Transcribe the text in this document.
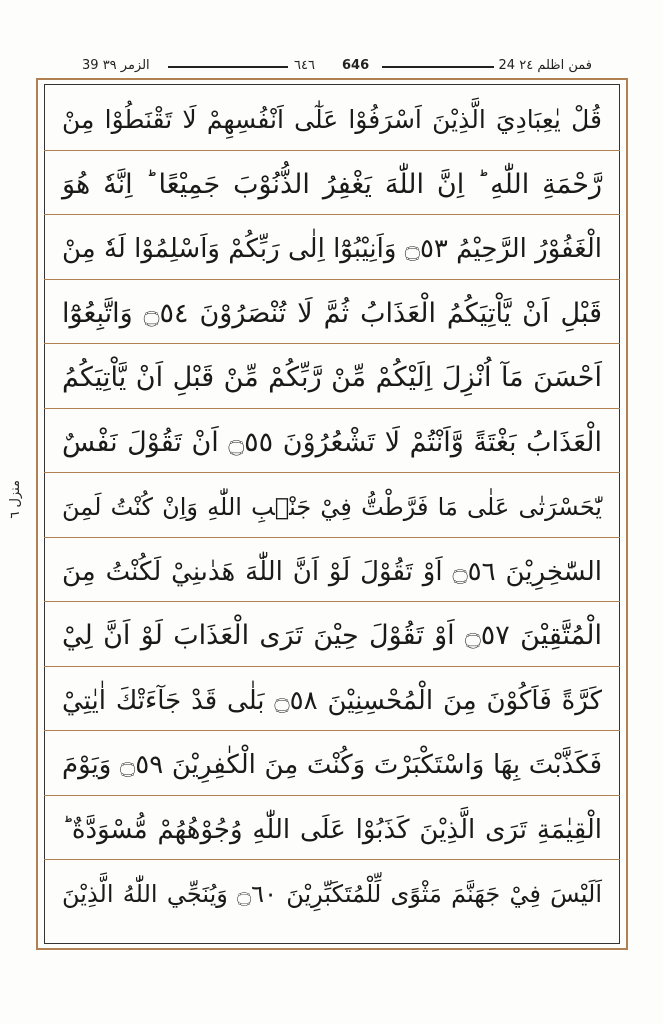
39 الزمر ٣٩	٦٤٦ 646	24 فمن اظلم ٢٤
منزل ٦
قُلْ يٰعِبَادِيَ الَّذِيْنَ اَسْرَفُوْا عَلٰٓى اَنْفُسِهِمْ لَا تَقْنَطُوْا مِنْ
رَّحْمَةِ اللّٰهِ ؕ اِنَّ اللّٰهَ يَغْفِرُ الذُّنُوْبَ جَمِيْعًا ؕ اِنَّهٗ هُوَ
الْغَفُوْرُ الرَّحِيْمُ ۝٥٣ وَاَنِيْبُوْٓا اِلٰى رَبِّكُمْ وَاَسْلِمُوْا لَهٗ مِنْ
قَبْلِ اَنْ يَّاْتِيَكُمُ الْعَذَابُ ثُمَّ لَا تُنْصَرُوْنَ ۝٥٤ وَاتَّبِعُوْٓا
اَحْسَنَ مَآ اُنْزِلَ اِلَيْكُمْ مِّنْ رَّبِّكُمْ مِّنْ قَبْلِ اَنْ يَّاْتِيَكُمُ
الْعَذَابُ بَغْتَةً وَّاَنْتُمْ لَا تَشْعُرُوْنَ ۝٥٥ اَنْ تَقُوْلَ نَفْسٌ
يّٰحَسْرَتٰى عَلٰى مَا فَرَّطْتُّ فِيْ جَنْۢبِ اللّٰهِ وَاِنْ كُنْتُ لَمِنَ
السّٰخِرِيْنَ ۝٥٦ اَوْ تَقُوْلَ لَوْ اَنَّ اللّٰهَ هَدٰىنِيْ لَكُنْتُ مِنَ
الْمُتَّقِيْنَ ۝٥٧ اَوْ تَقُوْلَ حِيْنَ تَرَى الْعَذَابَ لَوْ اَنَّ لِيْ
كَرَّةً فَاَكُوْنَ مِنَ الْمُحْسِنِيْنَ ۝٥٨ بَلٰى قَدْ جَآءَتْكَ اٰيٰتِيْ
فَكَذَّبْتَ بِهَا وَاسْتَكْبَرْتَ وَكُنْتَ مِنَ الْكٰفِرِيْنَ ۝٥٩ وَيَوْمَ
الْقِيٰمَةِ تَرَى الَّذِيْنَ كَذَبُوْا عَلَى اللّٰهِ وُجُوْهُهُمْ مُّسْوَدَّةٌ ؕ
اَلَيْسَ فِيْ جَهَنَّمَ مَثْوًى لِّلْمُتَكَبِّرِيْنَ ۝٦٠ وَيُنَجِّي اللّٰهُ الَّذِيْنَ
